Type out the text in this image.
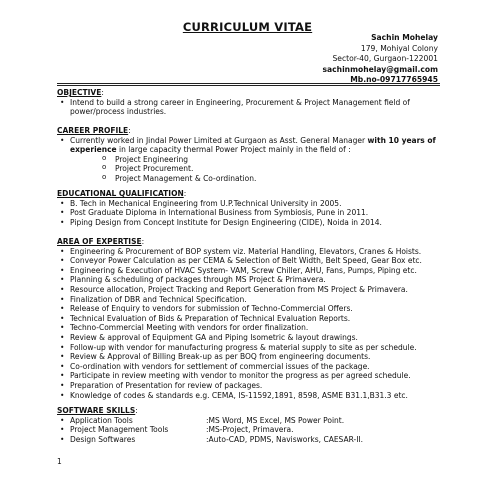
CURRICULUM VITAE
Sachin Mohelay
179, Mohiyal Colony
Sector-40, Gurgaon-122001
sachinmohelay@gmail.com
Mb.no-09717765945
OBJECTIVE:
• Intend to build a strong career in Engineering, Procurement & Project Management field of power/process industries.
CAREER PROFILE:
• Currently worked in Jindal Power Limited at Gurgaon as Asst. General Manager with 10 years of experience in large capacity thermal Power Project mainly in the field of :
o Project Engineering
o Project Procurement.
o Project Management & Co-ordination.
EDUCATIONAL QUALIFICATION:
• B. Tech in Mechanical Engineering from U.P.Technical University in 2005.
• Post Graduate Diploma in International Business from Symbiosis, Pune in 2011.
• Piping Design from Concept Institute for Design Engineering (CIDE), Noida in 2014.
AREA OF EXPERTISE:
• Engineering & Procurement of BOP system viz. Material Handling, Elevators, Cranes & Hoists.
• Conveyor Power Calculation as per CEMA & Selection of Belt Width, Belt Speed, Gear Box etc.
• Engineering & Execution of HVAC System- VAM, Screw Chiller, AHU, Fans, Pumps, Piping etc.
• Planning & scheduling of packages through MS Project & Primavera.
• Resource allocation, Project Tracking and Report Generation from MS Project & Primavera.
• Finalization of DBR and Technical Specification.
• Release of Enquiry to vendors for submission of Techno-Commercial Offers.
• Technical Evaluation of Bids & Preparation of Technical Evaluation Reports.
• Techno-Commercial Meeting with vendors for order finalization.
• Review & approval of Equipment GA and Piping Isometric & layout drawings.
• Follow-up with vendor for manufacturing progress & material supply to site as per schedule.
• Review & Approval of Billing Break-up as per BOQ from engineering documents.
• Co-ordination with vendors for settlement of commercial issues of the package.
• Participate in review meeting with vendor to monitor the progress as per agreed schedule.
• Preparation of Presentation for review of packages.
• Knowledge of codes & standards e.g. CEMA, IS-11592,1891, 8598, ASME B31.1,B31.3 etc.
SOFTWARE SKILLS:
• Application Tools	:MS Word, MS Excel, MS Power Point.
• Project Management Tools	:MS-Project, Primavera.
• Design Softwares	:Auto-CAD, PDMS, Navisworks, CAESAR-II.
1
